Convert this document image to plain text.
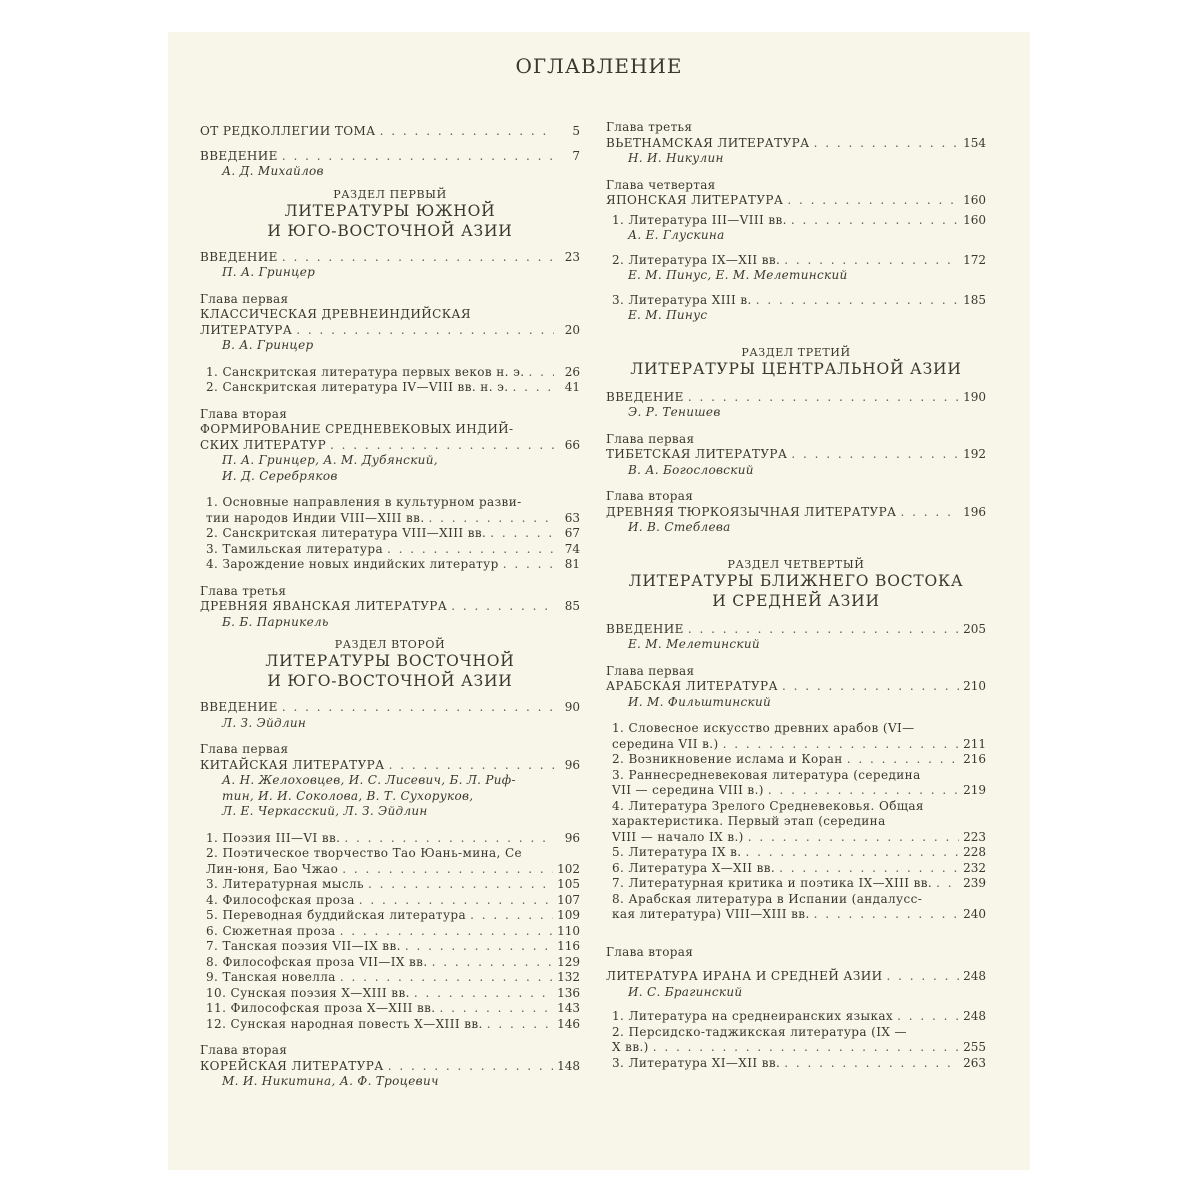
ОГЛАВЛЕНИЕ
ОТ РЕДКОЛЛЕГИИ ТОМА . . .	5
ВВЕДЕНИЕ . . .	7
А. Д. Михайлов
РАЗДЕЛ ПЕРВЫЙ
ЛИТЕРАТУРЫ ЮЖНОЙ
И ЮГО-ВОСТОЧНОЙ АЗИИ
ВВЕДЕНИЕ . . .	23
П. А. Гринцер
Глава первая
КЛАССИЧЕСКАЯ ДРЕВНЕИНДИЙСКАЯ
ЛИТЕРАТУРА . . .	20
В. А. Гринцер
1. Санскритская литература первых веков н. э. . . .	26
2. Санскритская литература IV—VIII вв. н. э. . . .	41
Глава вторая
ФОРМИРОВАНИЕ СРЕДНЕВЕКОВЫХ ИНДИЙ-
СКИХ ЛИТЕРАТУР . . .	66
П. А. Гринцер, А. М. Дубянский,
И. Д. Серебряков
1. Основные направления в культурном разви-
тии народов Индии VIII—XIII вв. . . .	63
2. Санскритская литература VIII—XIII вв. . . .	67
3. Тамильская литература . . .	74
4. Зарождение новых индийских литератур . . .	81
Глава третья
ДРЕВНЯЯ ЯВАНСКАЯ ЛИТЕРАТУРА . . .	85
Б. Б. Парникель
РАЗДЕЛ ВТОРОЙ
ЛИТЕРАТУРЫ ВОСТОЧНОЙ
И ЮГО-ВОСТОЧНОЙ АЗИИ
ВВЕДЕНИЕ . . .	90
Л. З. Эйдлин
Глава первая
КИТАЙСКАЯ ЛИТЕРАТУРА . . .	96
А. Н. Желоховцев, И. С. Лисевич, Б. Л. Риф-
тин, И. И. Соколова, В. Т. Сухоруков,
Л. Е. Черкасский, Л. З. Эйдлин
1. Поэзия III—VI вв. . . .	96
2. Поэтическое творчество Тао Юань-мина, Се
Лин-юня, Бао Чжао . . .	102
3. Литературная мысль . . .	105
4. Философская проза . . .	107
5. Переводная буддийская литература . . .	109
6. Сюжетная проза . . .	110
7. Танская поэзия VII—IX вв. . . .	116
8. Философская проза VII—IX вв. . . .	129
9. Танская новелла . . .	132
10. Сунская поэзия X—XIII вв. . . .	136
11. Философская проза X—XIII вв. . . .	143
12. Сунская народная повесть X—XIII вв. . . .	146
Глава вторая
КОРЕЙСКАЯ ЛИТЕРАТУРА . . .	148
М. И. Никитина, А. Ф. Троцевич
Глава третья
ВЬЕТНАМСКАЯ ЛИТЕРАТУРА . . .	154
Н. И. Никулин
Глава четвертая
ЯПОНСКАЯ ЛИТЕРАТУРА . . .	160
1. Литература III—VIII вв. . . .	160
А. Е. Глускина
2. Литература IX—XII вв. . . .	172
Е. М. Пинус, Е. М. Мелетинский
3. Литература XIII в. . . .	185
Е. М. Пинус
РАЗДЕЛ ТРЕТИЙ
ЛИТЕРАТУРЫ ЦЕНТРАЛЬНОЙ АЗИИ
ВВЕДЕНИЕ . . .	190
Э. Р. Тенишев
Глава первая
ТИБЕТСКАЯ ЛИТЕРАТУРА . . .	192
В. А. Богословский
Глава вторая
ДРЕВНЯЯ ТЮРКОЯЗЫЧНАЯ ЛИТЕРАТУРА . . .	196
И. В. Стеблева
РАЗДЕЛ ЧЕТВЕРТЫЙ
ЛИТЕРАТУРЫ БЛИЖНЕГО ВОСТОКА
И СРЕДНЕЙ АЗИИ
ВВЕДЕНИЕ . . .	205
Е. М. Мелетинский
Глава первая
АРАБСКАЯ ЛИТЕРАТУРА . . .	210
И. М. Фильштинский
1. Словесное искусство древних арабов (VI—
середина VII в.) . . .	211
2. Возникновение ислама и Коран . . .	216
3. Раннесредневековая литература (середина
VII — середина VIII в.) . . .	219
4. Литература Зрелого Средневековья. Общая
характеристика. Первый этап (середина
VIII — начало IX в.) . . .	223
5. Литература IX в. . . .	228
6. Литература X—XII вв. . . .	232
7. Литературная критика и поэтика IX—XIII вв. . . .	239
8. Арабская литература в Испании (андалусс-
кая литература) VIII—XIII вв. . . .	240
Глава вторая
ЛИТЕРАТУРА ИРАНА И СРЕДНЕЙ АЗИИ . . .	248
И. С. Брагинский
1. Литература на среднеиранских языках . . .	248
2. Персидско-таджикская литература (IX —
X вв.) . . .	255
3. Литература XI—XII вв. . . .	263
